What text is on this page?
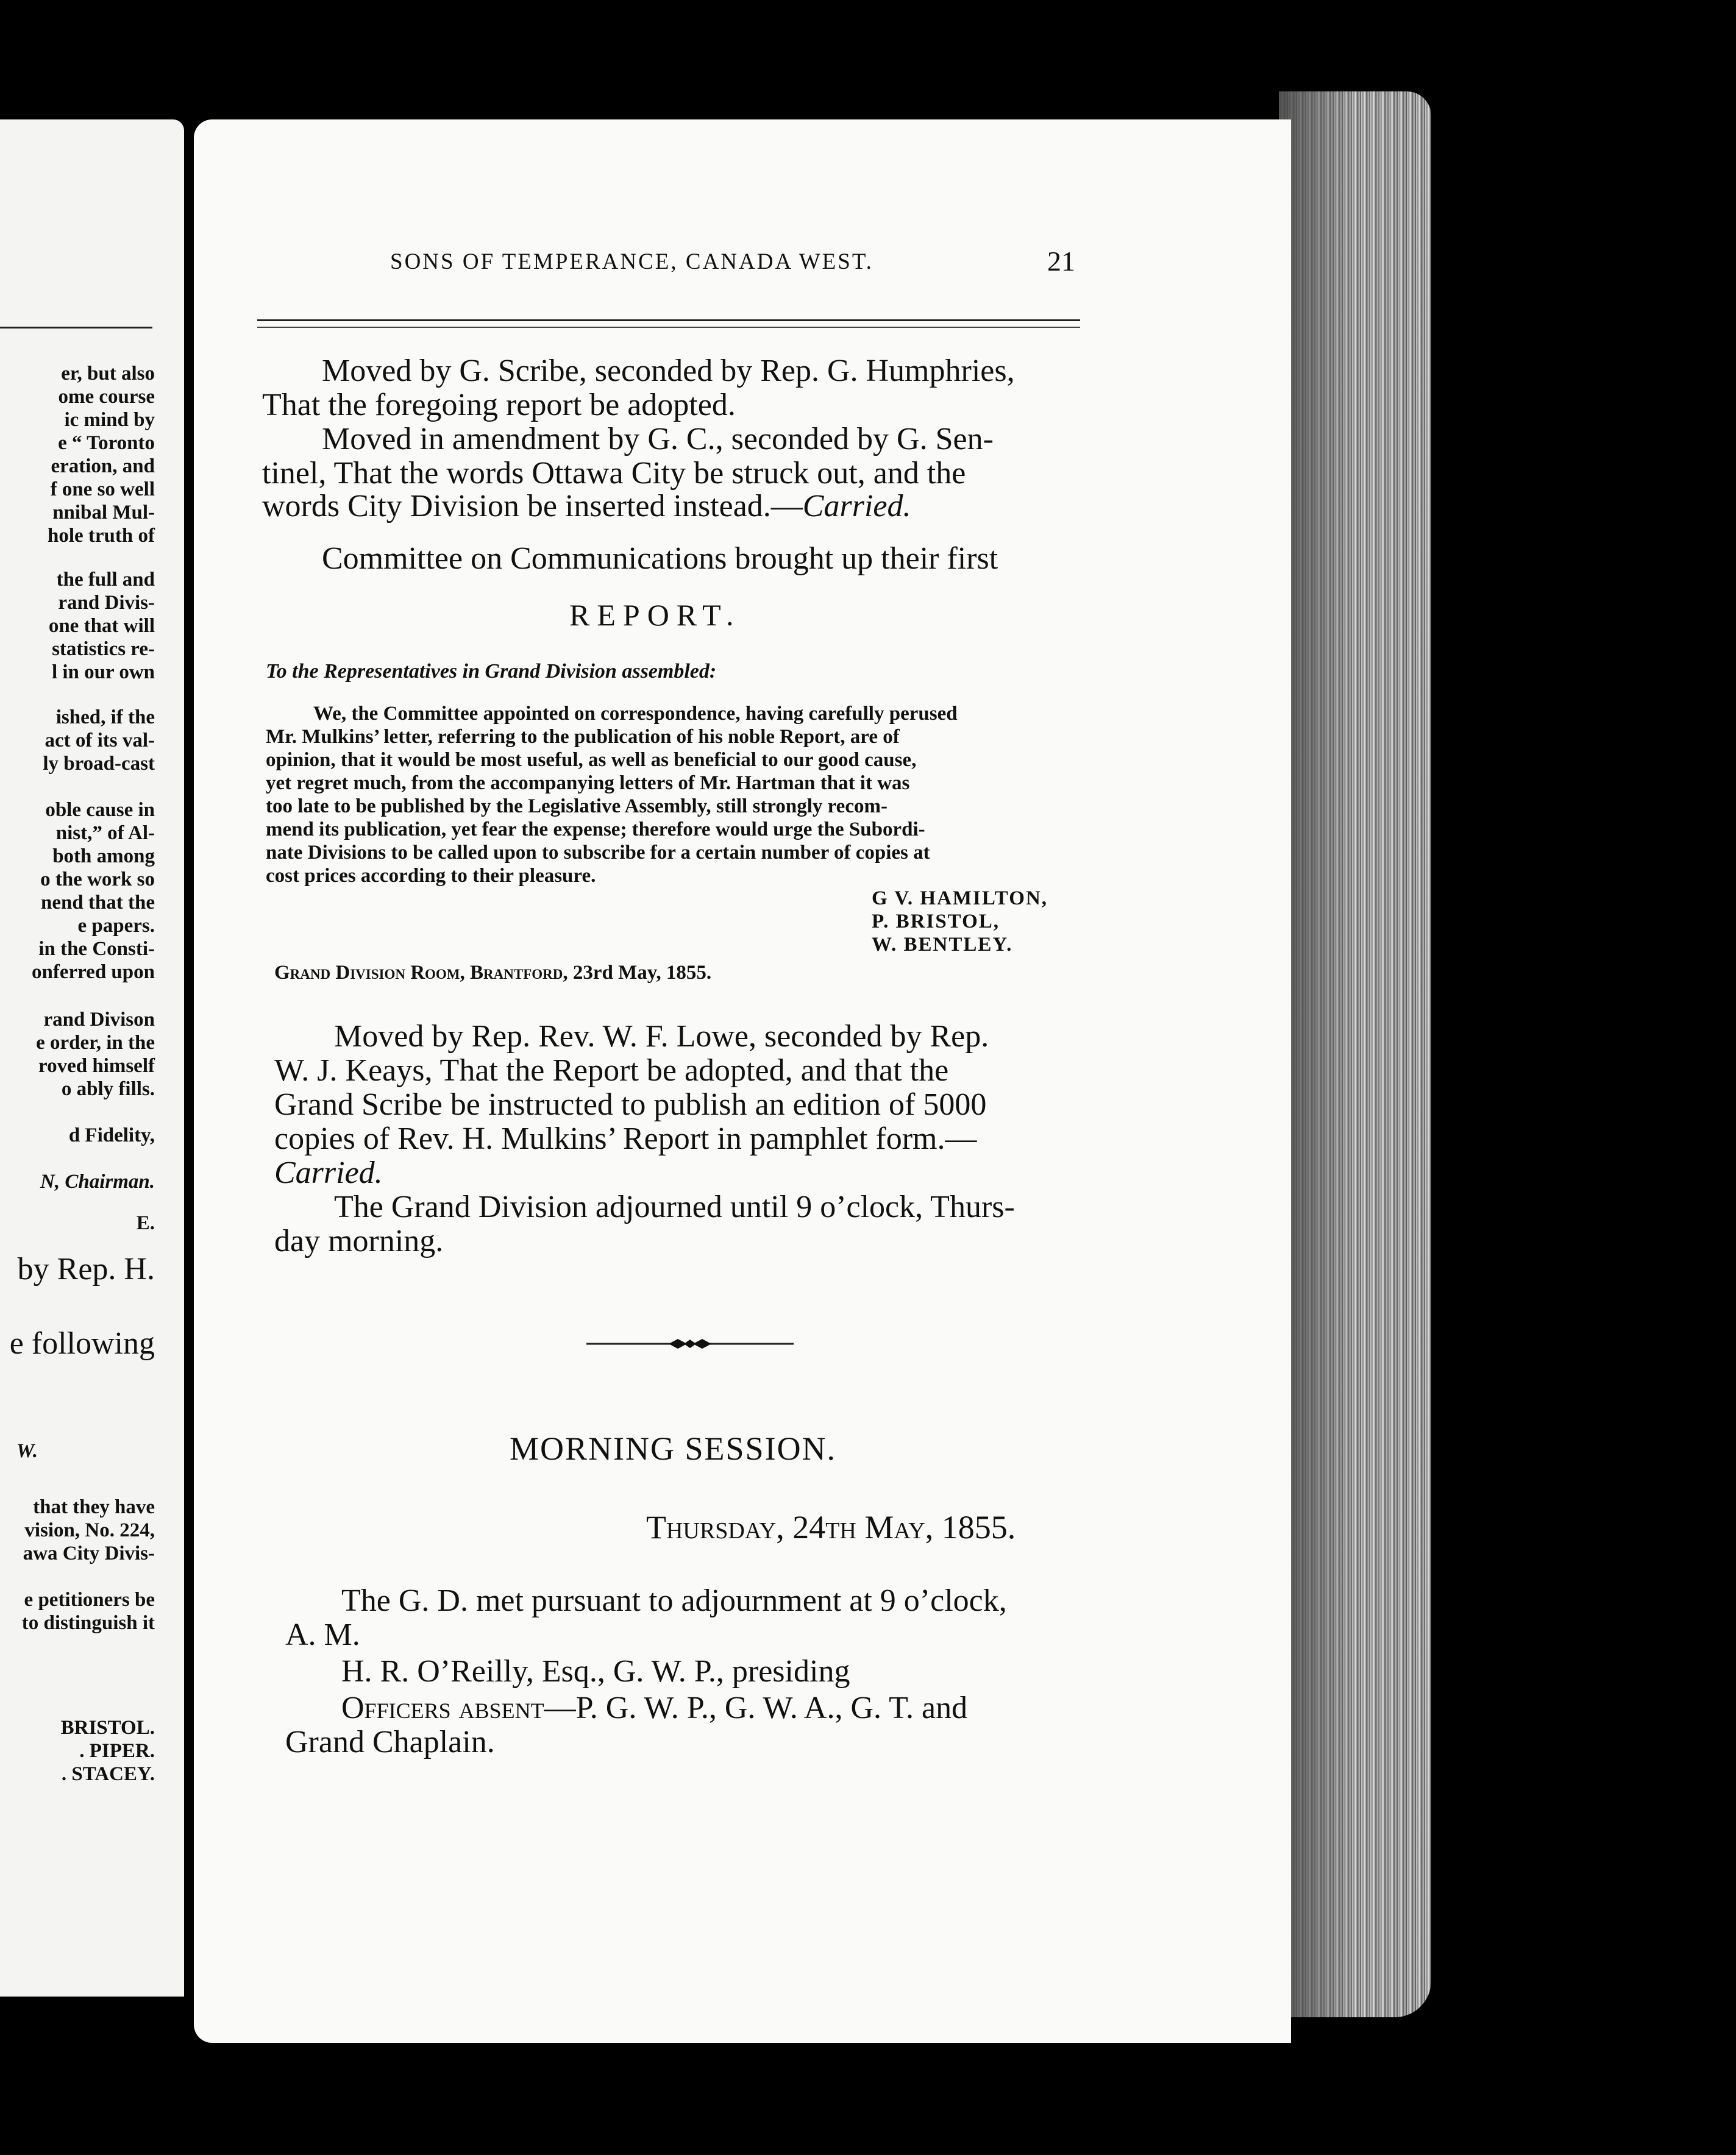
er, but also
ome course
ic mind by
e “ Toronto
eration, and
f one so well
nnibal Mul-
hole truth of
the full and
rand Divis-
one that will
statistics re-
l in our own
ished, if the
act of its val-
ly broad-cast
oble cause in
nist,” of Al-
both among
o the work so
nend that the
e papers.
in the Consti-
onferred upon
rand Divison
e order, in the
roved himself
o ably fills.
d Fidelity,
N, Chairman.
E.
by Rep. H.
e following
W.
that they have
vision, No. 224,
awa City Divis-
e petitioners be
to distinguish it
BRISTOL.
. PIPER.
. STACEY.
SONS OF TEMPERANCE, CANADA WEST.	21
Moved by G. Scribe, seconded by Rep. G. Humphries,
That the foregoing report be adopted.
Moved in amendment by G. C., seconded by G. Sen-
tinel, That the words Ottawa City be struck out, and the
words City Division be inserted instead.—Carried.
Committee on Communications brought up their first
REPORT.
To the Representatives in Grand Division assembled:
We, the Committee appointed on correspondence, having carefully perused
Mr. Mulkins’ letter, referring to the publication of his noble Report, are of
opinion, that it would be most useful, as well as beneficial to our good cause,
yet regret much, from the accompanying letters of Mr. Hartman that it was
too late to be published by the Legislative Assembly, still strongly recom-
mend its publication, yet fear the expense; therefore would urge the Subordi-
nate Divisions to be called upon to subscribe for a certain number of copies at
cost prices according to their pleasure.
G V. HAMILTON,
P. BRISTOL,
W. BENTLEY.
Grand Division Room, Brantford, 23rd May, 1855.
Moved by Rep. Rev. W. F. Lowe, seconded by Rep.
W. J. Keays, That the Report be adopted, and that the
Grand Scribe be instructed to publish an edition of 5000
copies of Rev. H. Mulkins’ Report in pamphlet form.—
Carried.
The Grand Division adjourned until 9 o’clock, Thurs-
day morning.
MORNING SESSION.
Thursday, 24th May, 1855.
The G. D. met pursuant to adjournment at 9 o’clock,
A. M.
H. R. O’Reilly, Esq., G. W. P., presiding
Officers absent—P. G. W. P., G. W. A., G. T. and
Grand Chaplain.
